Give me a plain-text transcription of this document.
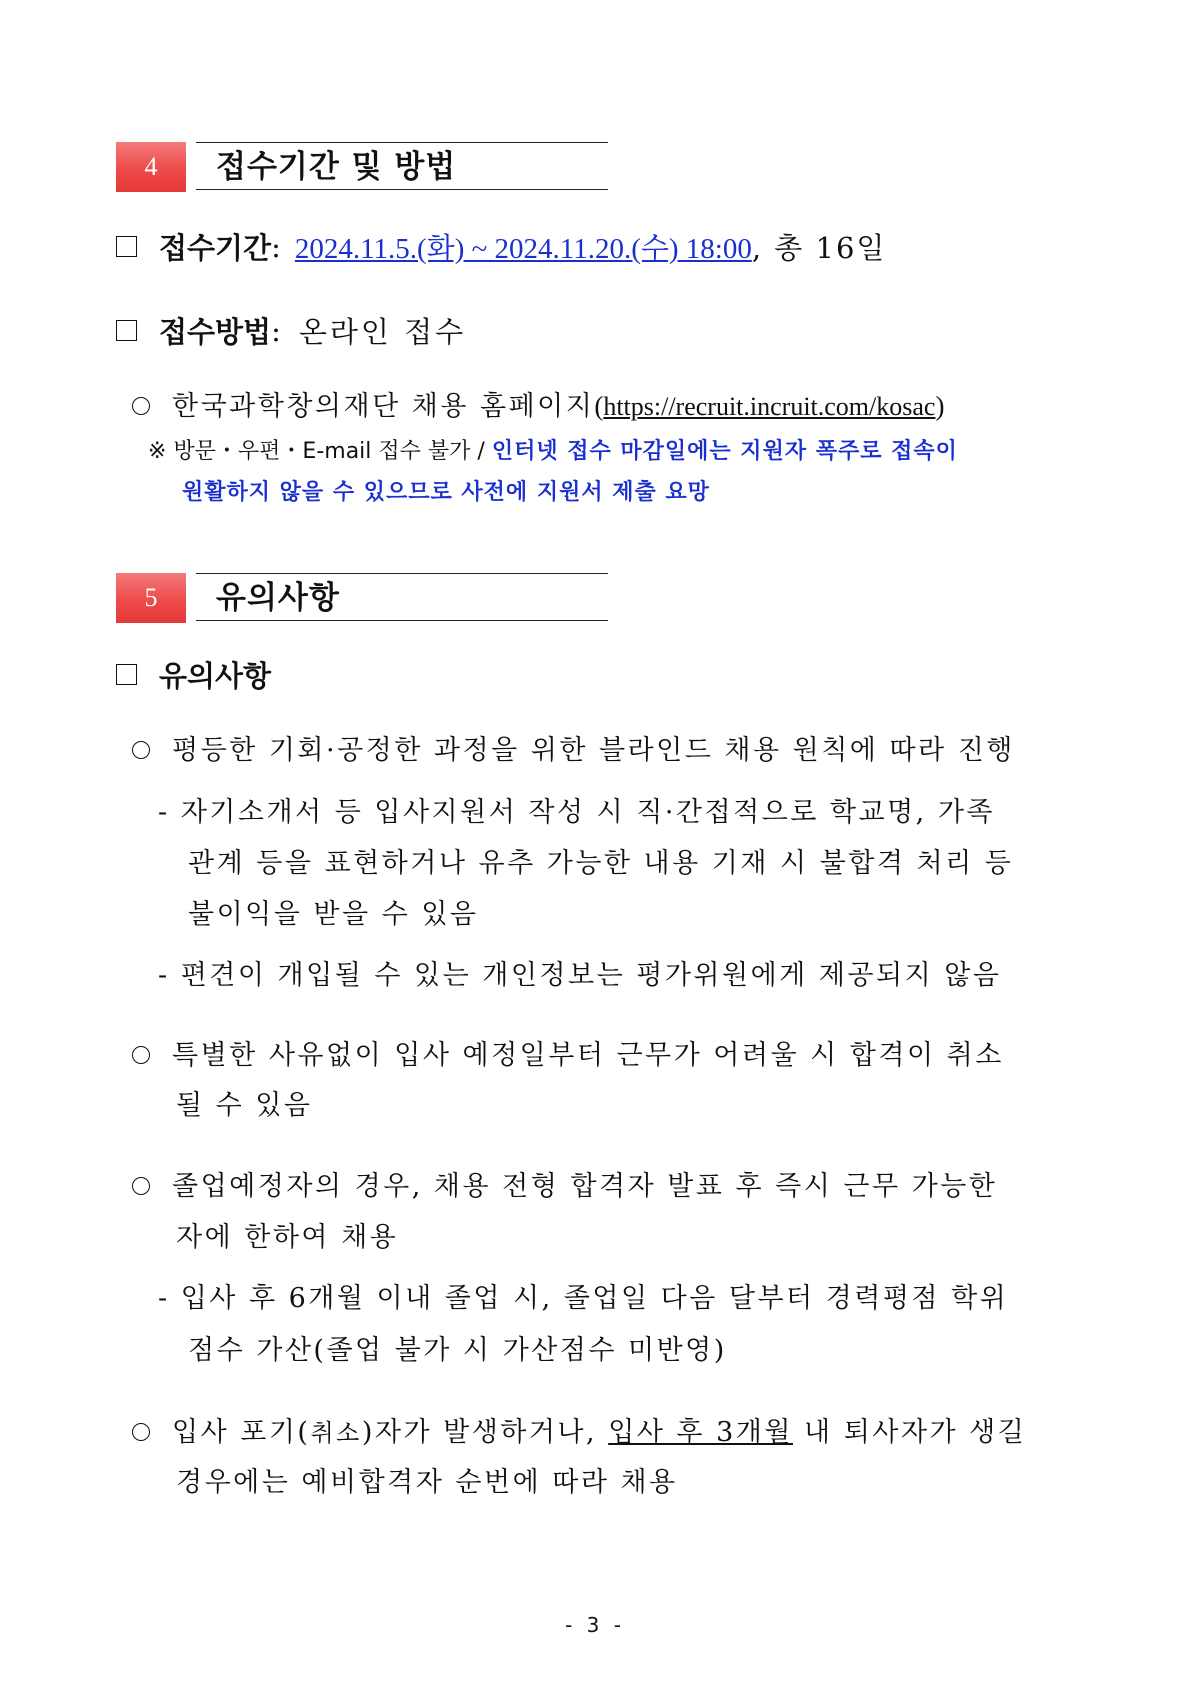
4	접수기간 및 방법
접수기간 : 2024.11.5.(화) ~ 2024.11.20.(수) 18:00 , 총 16일
접수방법 : 온라인 접수
한국과학창의재단 채용 홈페이지(https://recruit.incruit.com/kosac)
※ 방문・우편・E-mail 접수 불가 / 인터넷 접수 마감일에는 지원자 폭주로 접속이
원활하지 않을 수 있으므로 사전에 지원서 제출 요망
5	유의사항
유의사항
평등한 기회·공정한 과정을 위한 블라인드 채용 원칙에 따라 진행
- 자기소개서 등 입사지원서 작성 시 직·간접적으로 학교명, 가족
관계 등을 표현하거나 유추 가능한 내용 기재 시 불합격 처리 등
불이익을 받을 수 있음
- 편견이 개입될 수 있는 개인정보는 평가위원에게 제공되지 않음
특별한 사유없이 입사 예정일부터 근무가 어려울 시 합격이 취소
될 수 있음
졸업예정자의 경우, 채용 전형 합격자 발표 후 즉시 근무 가능한
자에 한하여 채용
- 입사 후 6개월 이내 졸업 시, 졸업일 다음 달부터 경력평점 학위
점수 가산(졸업 불가 시 가산점수 미반영)
입사 포기(취소)자가 발생하거나, 입사 후 3개월 내 퇴사자가 생길
경우에는 예비합격자 순번에 따라 채용
- 3 -
